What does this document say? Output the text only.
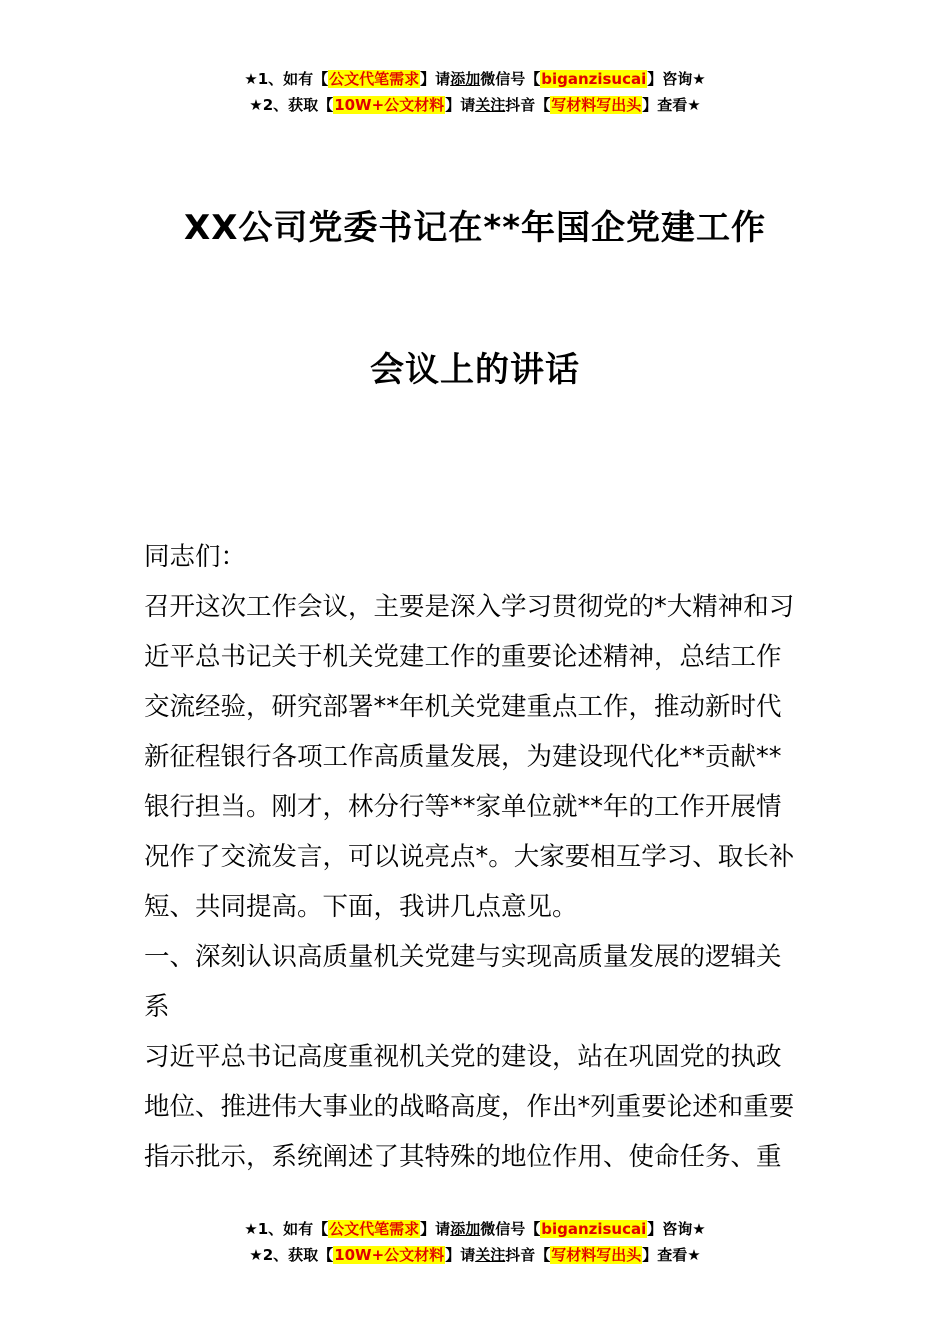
★1、如有【公文代笔需求】请添加微信号【biganzisucai】咨询★
★2、获取【10W+公文材料】请关注抖音【写材料写出头】查看★
XX公司党委书记在**年国企党建工作
会议上的讲话
同志们：
召开这次工作会议，主要是深入学习贯彻党的*大精神和习
近平总书记关于机关党建工作的重要论述精神，总结工作
交流经验，研究部署**年机关党建重点工作，推动新时代
新征程银行各项工作高质量发展，为建设现代化**贡献**
银行担当。刚才，林分行等**家单位就**年的工作开展情
况作了交流发言，可以说亮点*。大家要相互学习、取长补
短、共同提高。下面，我讲几点意见。
一、深刻认识高质量机关党建与实现高质量发展的逻辑关
系
习近平总书记高度重视机关党的建设，站在巩固党的执政
地位、推进伟大事业的战略高度，作出*列重要论述和重要
指示批示，系统阐述了其特殊的地位作用、使命任务、重
★1、如有【公文代笔需求】请添加微信号【biganzisucai】咨询★
★2、获取【10W+公文材料】请关注抖音【写材料写出头】查看★
